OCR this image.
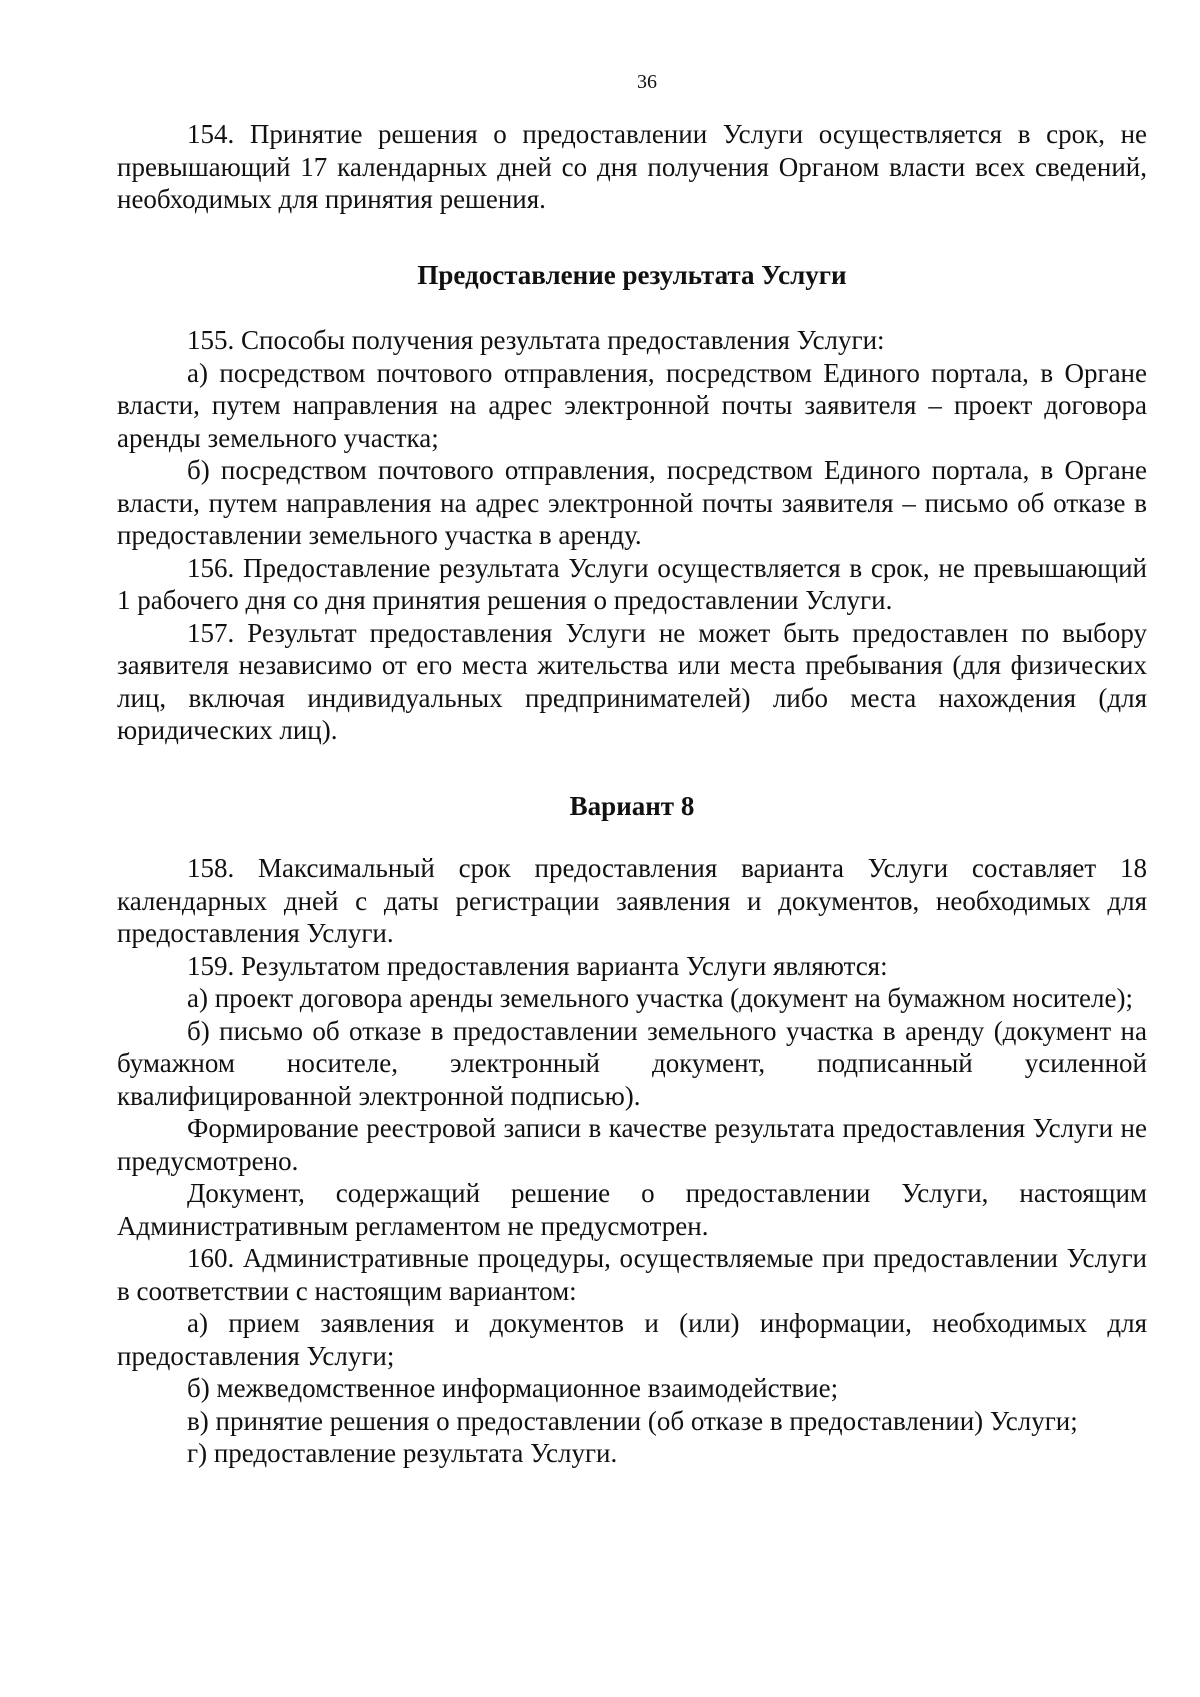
36

154. Принятие решения о предоставлении Услуги осуществляется в срок, не превышающий 17 календарных дней со дня получения Органом власти всех сведений, необходимых для принятия решения.

Предоставление результата Услуги

155. Способы получения результата предоставления Услуги:

а) посредством почтового отправления, посредством Единого портала, в Органе власти, путем направления на адрес электронной почты заявителя – проект договора аренды земельного участка;

б) посредством почтового отправления, посредством Единого портала, в Органе власти, путем направления на адрес электронной почты заявителя – письмо об отказе в предоставлении земельного участка в аренду.

156. Предоставление результата Услуги осуществляется в срок, не превышающий 1 рабочего дня со дня принятия решения о предоставлении Услуги.

157. Результат предоставления Услуги не может быть предоставлен по выбору заявителя независимо от его места жительства или места пребывания (для физических лиц, включая индивидуальных предпринимателей) либо места нахождения (для юридических лиц).

Вариант 8

158. Максимальный срок предоставления варианта Услуги составляет 18 календарных дней с даты регистрации заявления и документов, необходимых для предоставления Услуги.

159. Результатом предоставления варианта Услуги являются:

а) проект договора аренды земельного участка (документ на бумажном носителе);

б) письмо об отказе в предоставлении земельного участка в аренду (документ на бумажном носителе, электронный документ, подписанный усиленной квалифицированной электронной подписью).

Формирование реестровой записи в качестве результата предоставления Услуги не предусмотрено.

Документ, содержащий решение о предоставлении Услуги, настоящим Административным регламентом не предусмотрен.

160. Административные процедуры, осуществляемые при предоставлении Услуги в соответствии с настоящим вариантом:

а) прием заявления и документов и (или) информации, необходимых для предоставления Услуги;

б) межведомственное информационное взаимодействие;

в) принятие решения о предоставлении (об отказе в предоставлении) Услуги;

г) предоставление результата Услуги.
